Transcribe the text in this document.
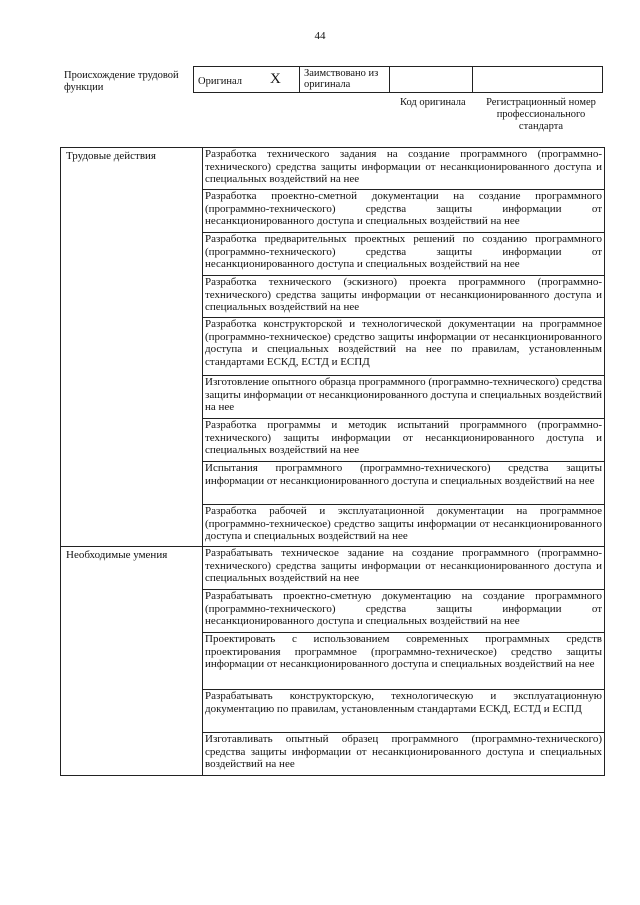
44
Происхождение трудовой функции
Оригинал X Заимствовано из оригинала
Код оригинала	Регистрационный номер профессионального стандарта
Трудовые действия	Разработка технического задания на создание программного (программно-технического) средства защиты информации от несанкционированного доступа и специальных воздействий на нее
	Разработка проектно-сметной документации на создание программного (программно-технического) средства защиты информации от несанкционированного доступа и специальных воздействий на нее
	Разработка предварительных проектных решений по созданию программного (программно-технического) средства защиты информации от несанкционированного доступа и специальных воздействий на нее
	Разработка технического (эскизного) проекта программного (программно-технического) средства защиты информации от несанкционированного доступа и специальных воздействий на нее
	Разработка конструкторской и технологической документации на программное (программно-техническое) средство защиты информации от несанкционированного доступа и специальных воздействий на нее по правилам, установленным стандартами ЕСКД, ЕСТД и ЕСПД
	Изготовление опытного образца программного (программно-технического) средства защиты информации от несанкционированного доступа и специальных воздействий на нее
	Разработка программы и методик испытаний программного (программно-технического) защиты информации от несанкционированного доступа и специальных воздействий на нее
	Испытания программного (программно-технического) средства защиты информации от несанкционированного доступа и специальных воздействий на нее
	Разработка рабочей и эксплуатационной документации на программное (программно-техническое) средство защиты информации от несанкционированного доступа и специальных воздействий на нее
Необходимые умения	Разрабатывать техническое задание на создание программного (программно-технического) средства защиты информации от несанкционированного доступа и специальных воздействий на нее
	Разрабатывать проектно-сметную документацию на создание программного (программно-технического) средства защиты информации от несанкционированного доступа и специальных воздействий на нее
	Проектировать с использованием современных программных средств проектирования программное (программно-техническое) средство защиты информации от несанкционированного доступа и специальных воздействий на нее
	Разрабатывать конструкторскую, технологическую и эксплуатационную документацию по правилам, установленным стандартами ЕСКД, ЕСТД и ЕСПД
	Изготавливать опытный образец программного (программно-технического) средства защиты информации от несанкционированного доступа и специальных воздействий на нее
